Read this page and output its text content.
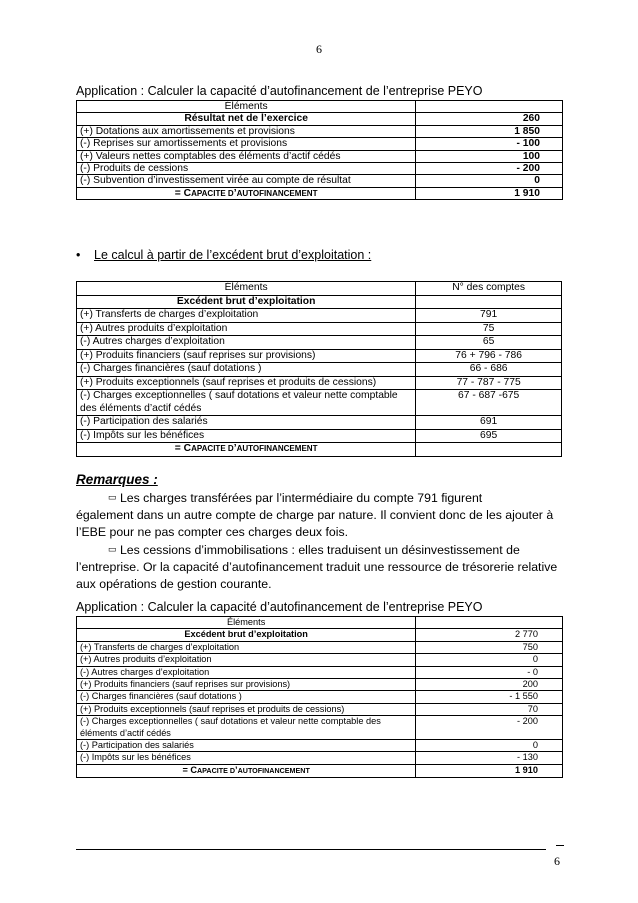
6
Application : Calculer la capacité d’autofinancement de l’entreprise PEYO
Éléments	
Résultat net de l’exercice	260
(+) Dotations aux amortissements et provisions	1 850
(-) Reprises sur amortissements et provisions	- 100
(+) Valeurs nettes comptables des éléments d’actif cédés	100
(-) Produits de cessions	- 200
(-) Subvention d’investissement virée au compte de résultat	0
= CAPACITE D’AUTOFINANCEMENT	1 910
• Le calcul à partir de l’excédent brut d’exploitation :
Éléments	N° des comptes
Excédent brut d’exploitation	
(+) Transferts de charges d’exploitation	791
(+) Autres produits d’exploitation	75
(-) Autres charges d’exploitation	65
(+) Produits financiers (sauf reprises sur provisions)	76 + 796 - 786
(-) Charges financières (sauf dotations )	66 - 686
(+) Produits exceptionnels (sauf reprises et produits de cessions)	77 - 787 - 775
(-) Charges exceptionnelles ( sauf dotations et valeur nette comptable des éléments d’actif cédés	67 - 687 -675
(-) Participation des salariés	691
(-) Impôts sur les bénéfices	695
= CAPACITE D’AUTOFINANCEMENT	
Remarques :

▭ Les charges transférées par l’intermédiaire du compte 791 figurent

également dans un autre compte de charge par nature. Il convient donc de les ajouter à l’EBE pour ne pas compter ces charges deux fois.

▭ Les cessions d’immobilisations : elles traduisent un désinvestissement de

l’entreprise. Or la capacité d’autofinancement traduit une ressource de trésorerie relative aux opérations de gestion courante.

Application : Calculer la capacité d’autofinancement de l’entreprise PEYO
Éléments	
Excédent brut d’exploitation	2 770
(+) Transferts de charges d’exploitation	750
(+) Autres produits d’exploitation	0
(-) Autres charges d’exploitation	- 0
(+) Produits financiers (sauf reprises sur provisions)	200
(-) Charges financières (sauf dotations )	- 1 550
(+) Produits exceptionnels (sauf reprises et produits de cessions)	70
(-) Charges exceptionnelles ( sauf dotations et valeur nette comptable des éléments d’actif cédés	- 200
(-) Participation des salariés	0
(-) Impôts sur les bénéfices	- 130
= CAPACITE D’AUTOFINANCEMENT	1 910
6
